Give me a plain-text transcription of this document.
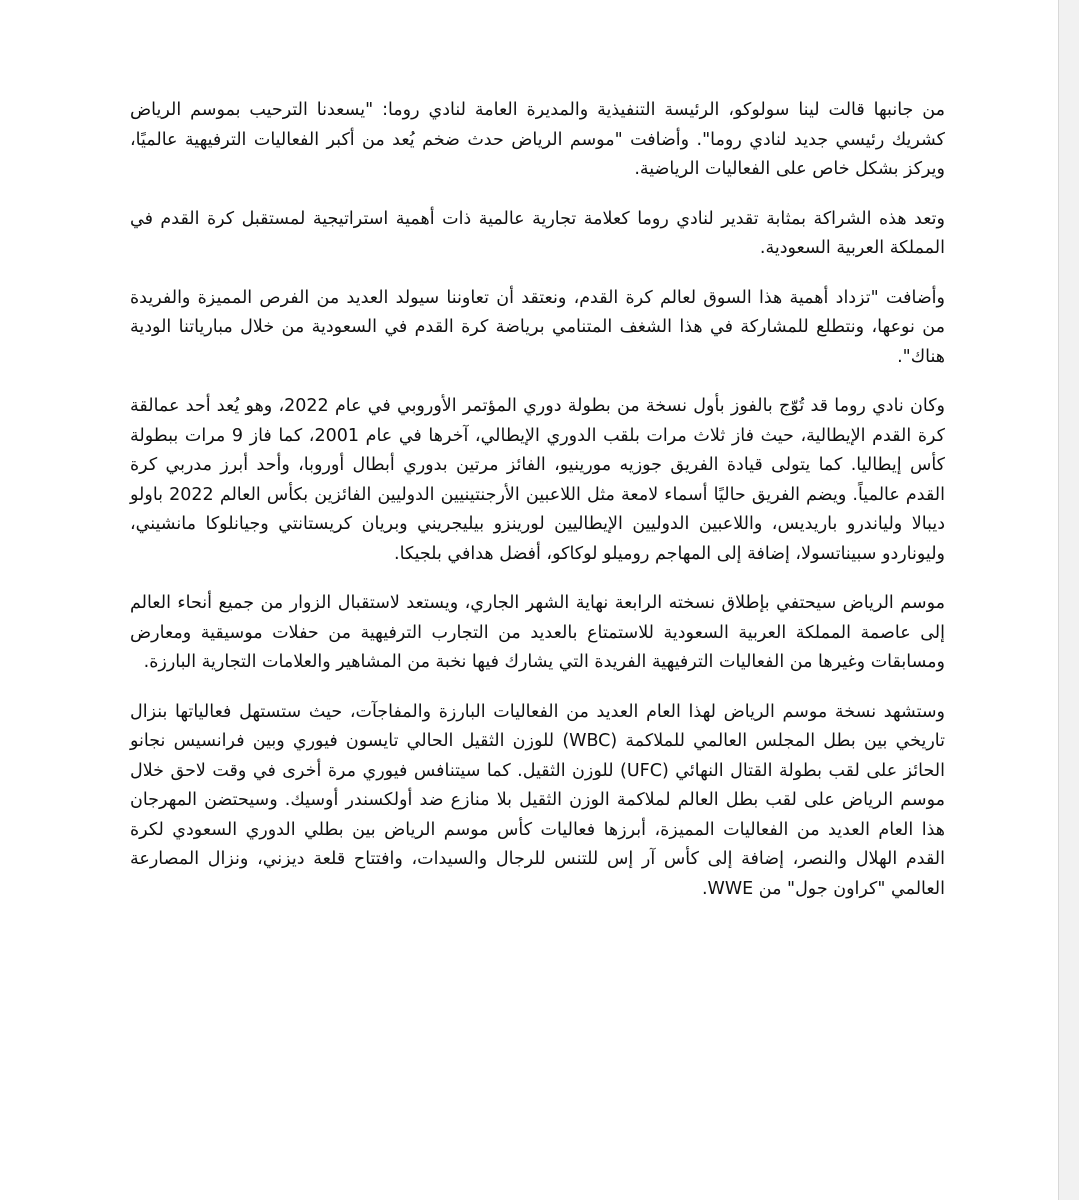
من جانبها قالت لينا سولوكو، الرئيسة التنفيذية والمديرة العامة لنادي روما: "يسعدنا الترحيب بموسم الرياض كشريك رئيسي جديد لنادي روما". وأضافت "موسم الرياض حدث ضخم يُعد من أكبر الفعاليات الترفيهية عالميًا، ويركز بشكل خاص على الفعاليات الرياضية.

وتعد هذه الشراكة بمثابة تقدير لنادي روما كعلامة تجارية عالمية ذات أهمية استراتيجية لمستقبل كرة القدم في المملكة العربية السعودية.

وأضافت "تزداد أهمية هذا السوق لعالم كرة القدم، ونعتقد أن تعاوننا سيولد العديد من الفرص المميزة والفريدة من نوعها، ونتطلع للمشاركة في هذا الشغف المتنامي برياضة كرة القدم في السعودية من خلال مبارياتنا الودية هناك".

وكان نادي روما قد تُوّج بالفوز بأول نسخة من بطولة دوري المؤتمر الأوروبي في عام 2022، وهو يُعد أحد عمالقة كرة القدم الإيطالية، حيث فاز ثلاث مرات بلقب الدوري الإيطالي، آخرها في عام 2001، كما فاز 9 مرات ببطولة كأس إيطاليا. كما يتولى قيادة الفريق جوزيه مورينيو، الفائز مرتين بدوري أبطال أوروبا، وأحد أبرز مدربي كرة القدم عالمياً. ويضم الفريق حاليًا أسماء لامعة مثل اللاعبين الأرجنتينيين الدوليين الفائزين بكأس العالم 2022 باولو ديبالا ولياندرو باريديس، واللاعبين الدوليين الإيطاليين لورينزو بيليجريني وبريان كريستانتي وجيانلوكا مانشيني، وليوناردو سبيناتسولا، إضافة إلى المهاجم روميلو لوكاكو، أفضل هدافي بلجيكا.

موسم الرياض سيحتفي بإطلاق نسخته الرابعة نهاية الشهر الجاري، ويستعد لاستقبال الزوار من جميع أنحاء العالم إلى عاصمة المملكة العربية السعودية للاستمتاع بالعديد من التجارب الترفيهية من حفلات موسيقية ومعارض ومسابقات وغيرها من الفعاليات الترفيهية الفريدة التي يشارك فيها نخبة من المشاهير والعلامات التجارية البارزة.

وستشهد نسخة موسم الرياض لهذا العام العديد من الفعاليات البارزة والمفاجآت، حيث ستستهل فعالياتها بنزال تاريخي بين بطل المجلس العالمي للملاكمة (WBC) للوزن الثقيل الحالي تايسون فيوري وبين فرانسيس نجانو الحائز على لقب بطولة القتال النهائي (UFC) للوزن الثقيل. كما سيتنافس فيوري مرة أخرى في وقت لاحق خلال موسم الرياض على لقب بطل العالم لملاكمة الوزن الثقيل بلا منازع ضد أولكسندر أوسيك. وسيحتضن المهرجان هذا العام العديد من الفعاليات المميزة، أبرزها فعاليات كأس موسم الرياض بين بطلي الدوري السعودي لكرة القدم الهلال والنصر، إضافة إلى كأس آر إس للتنس للرجال والسيدات، وافتتاح قلعة ديزني، ونزال المصارعة العالمي "كراون جول" من WWE.
